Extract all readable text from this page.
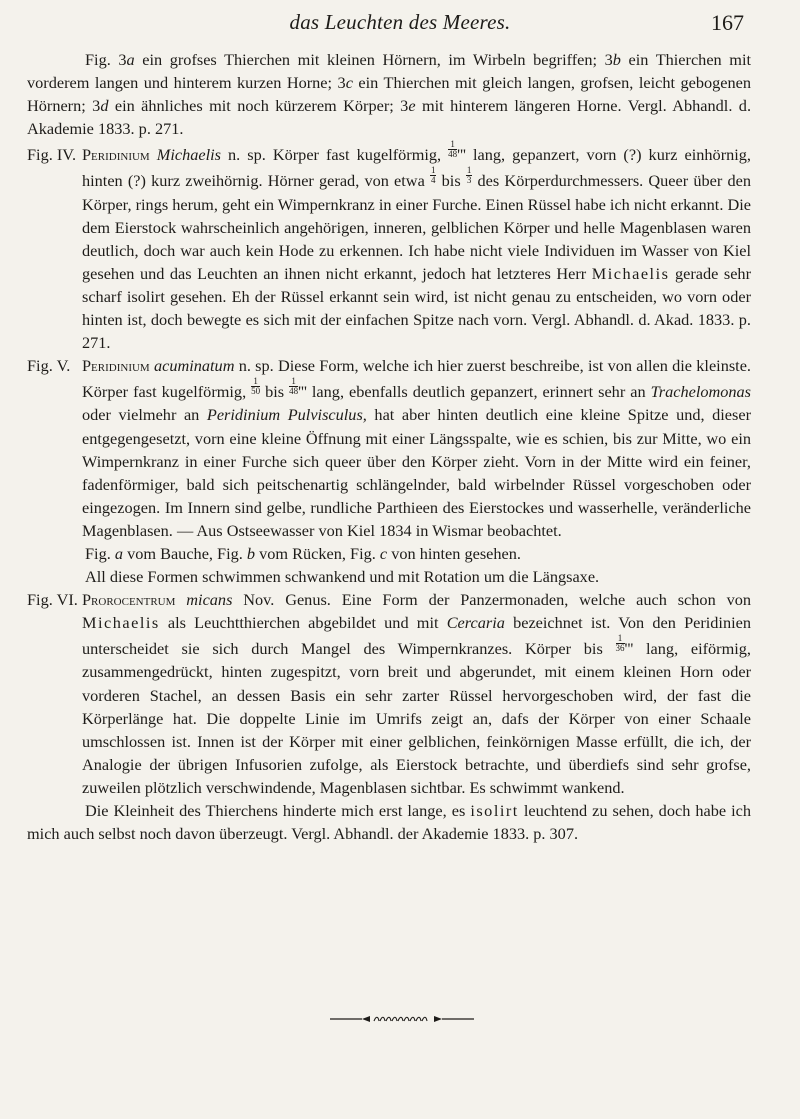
das Leuchten des Meeres.	167

Fig. 3a ein grofses Thierchen mit kleinen Hörnern, im Wirbeln begriffen; 3b ein Thierchen mit vorderem langen und hinterem kurzen Horne; 3c ein Thierchen mit gleich langen, grofsen, leicht gebogenen Hörnern; 3d ein ähnliches mit noch kürzerem Körper; 3e mit hinterem längeren Horne. Vergl. Abhandl. d. Akademie 1833. p. 271.

Fig. IV. Peridinium Michaelis n. sp. Körper fast kugelförmig, $\frac{1}{48}$ ''' lang, gepanzert, vorn (?) kurz einhörnig, hinten (?) kurz zweihörnig. Hörner gerad, von etwa $\frac{1}{4}$ bis $\frac{1}{3}$ des Körperdurchmessers. Queer über den Körper, rings herum, geht ein Wimpernkranz in einer Furche. Einen Rüssel habe ich nicht erkannt. Die dem Eierstock wahrscheinlich angehörigen, inneren, gelblichen Körper und helle Magenblasen waren deutlich, doch war auch kein Hode zu erkennen. Ich habe nicht viele Individuen im Wasser von Kiel gesehen und das Leuchten an ihnen nicht erkannt, jedoch hat letzteres Herr Michaelis gerade sehr scharf isolirt gesehen. Eh der Rüssel erkannt sein wird, ist nicht genau zu entscheiden, wo vorn oder hinten ist, doch bewegte es sich mit der einfachen Spitze nach vorn. Vergl. Abhandl. d. Akad. 1833. p. 271.

Fig. V. Peridinium acuminatum n. sp. Diese Form, welche ich hier zuerst beschreibe, ist von allen die kleinste. Körper fast kugelförmig, $\frac{1}{50}$ bis $\frac{1}{48}$ ''' lang, ebenfalls deutlich gepanzert, erinnert sehr an Trachelomonas oder vielmehr an Peridinium Pulvisculus, hat aber hinten deutlich eine kleine Spitze und, dieser entgegengesetzt, vorn eine kleine Öffnung mit einer Längsspalte, wie es schien, bis zur Mitte, wo ein Wimpernkranz in einer Furche sich queer über den Körper zieht. Vorn in der Mitte wird ein feiner, fadenförmiger, bald sich peitschenartig schlängelnder, bald wirbelnder Rüssel vorgeschoben oder eingezogen. Im Innern sind gelbe, rundliche Parthieen des Eierstockes und wasserhelle, veränderliche Magenblasen. — Aus Ostseewasser von Kiel 1834 in Wismar beobachtet.

Fig. a vom Bauche, Fig. b vom Rücken, Fig. c von hinten gesehen.

All diese Formen schwimmen schwankend und mit Rotation um die Längsaxe.

Fig. VI. Prorocentrum micans Nov. Genus. Eine Form der Panzermonaden, welche auch schon von Michaelis als Leuchtthierchen abgebildet und mit Cercaria bezeichnet ist. Von den Peridinien unterscheidet sie sich durch Mangel des Wimpernkranzes. Körper bis $\frac{1}{36}$ ''' lang, eiförmig, zusammengedrückt, hinten zugespitzt, vorn breit und abgerundet, mit einem kleinen Horn oder vorderen Stachel, an dessen Basis ein sehr zarter Rüssel hervorgeschoben wird, der fast die Körperlänge hat. Die doppelte Linie im Umrifs zeigt an, dafs der Körper von einer Schaale umschlossen ist. Innen ist der Körper mit einer gelblichen, feinkörnigen Masse erfüllt, die ich, der Analogie der übrigen Infusorien zufolge, als Eierstock betrachte, und überdiefs sind sehr grofse, zuweilen plötzlich verschwindende, Magenblasen sichtbar. Es schwimmt wankend.

Die Kleinheit des Thierchens hinderte mich erst lange, es isolirt leuchtend zu sehen, doch habe ich mich auch selbst noch davon überzeugt. Vergl. Abhandl. der Akademie 1833. p. 307.
